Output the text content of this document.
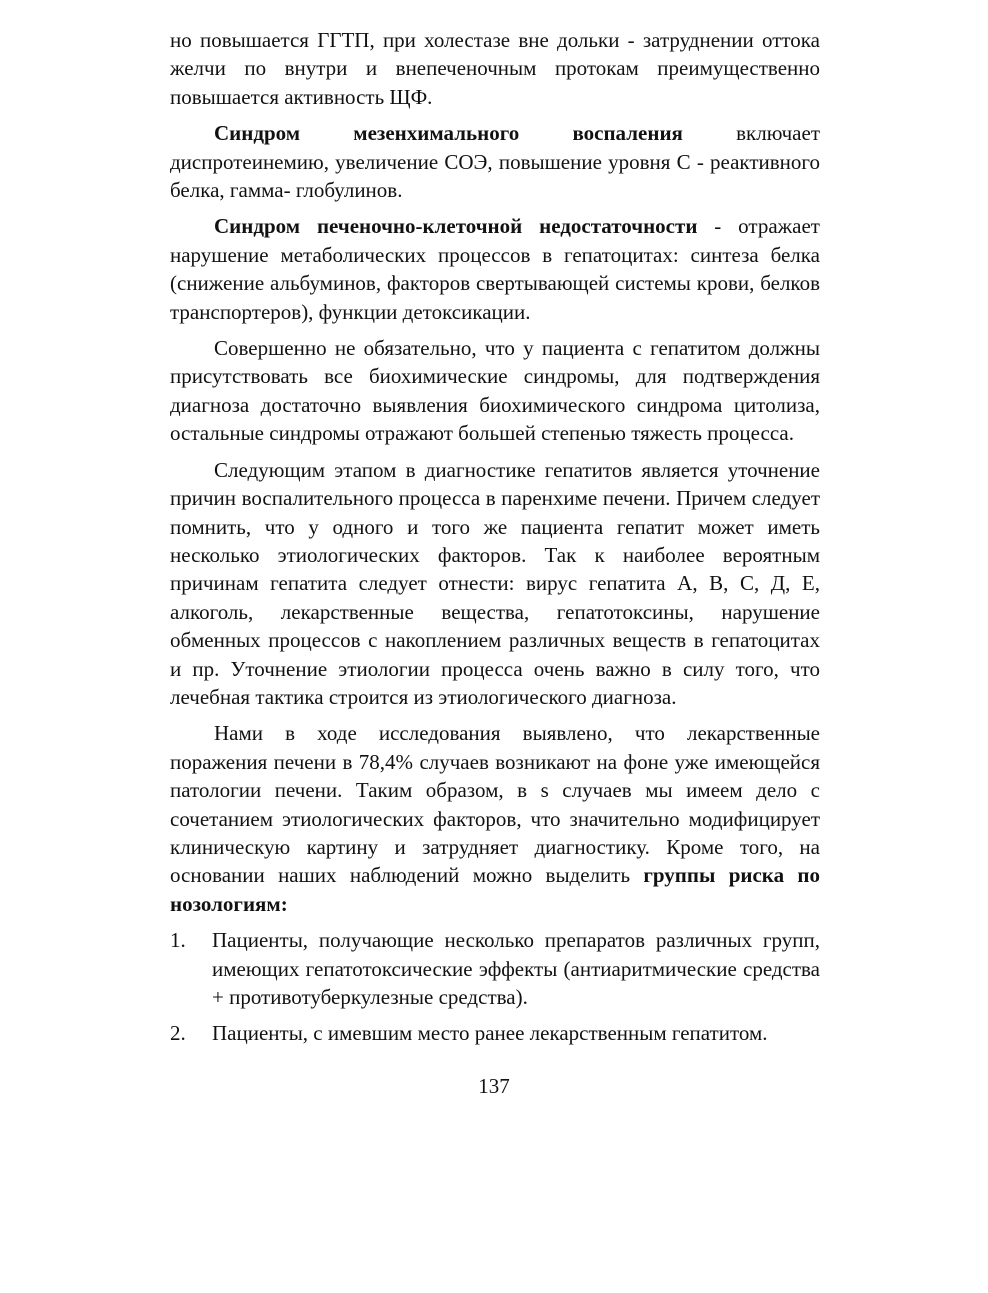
но повышается ГГТП, при холестазе вне дольки - затруднении оттока желчи по внутри и внепеченочным протокам преимущественно повышается активность ЩФ.

Синдром мезенхимального воспаления включает диспротеинемию, увеличение СОЭ, повышение уровня С - реактивного белка, гамма- глобулинов.

Синдром печеночно-клеточной недостаточности - отражает нарушение метаболических процессов в гепатоцитах: синтеза белка (снижение альбуминов, факторов свертывающей системы крови, белков транспортеров), функции детоксикации.

Совершенно не обязательно, что у пациента с гепатитом должны присутствовать все биохимические синдромы, для подтверждения диагноза достаточно выявления биохимического синдрома цитолиза, остальные синдромы отражают большей степенью тяжесть процесса.

Следующим этапом в диагностике гепатитов является уточнение причин воспалительного процесса в паренхиме печени. Причем следует помнить, что у одного и того же пациента гепатит может иметь несколько этиологических факторов. Так к наиболее вероятным причинам гепатита следует отнести: вирус гепатита А, В, С, Д, Е, алкоголь, лекарственные вещества, гепатотоксины, нарушение обменных процессов с накоплением различных веществ в гепатоцитах и пр. Уточнение этиологии процесса очень важно в силу того, что лечебная тактика строится из этиологического диагноза.

Нами в ходе исследования выявлено, что лекарственные поражения печени в 78,4% случаев возникают на фоне уже имеющейся патологии печени. Таким образом, в s случаев мы имеем дело с сочетанием этиологических факторов, что значительно модифицирует клиническую картину и затрудняет диагностику. Кроме того, на основании наших наблюдений можно выделить группы риска по нозологиям:

1. Пациенты, получающие несколько препаратов различных групп, имеющих гепатотоксические эффекты (антиаритмические средства + противотуберкулезные средства).
2. Пациенты, с имевшим место ранее лекарственным гепатитом.
137
